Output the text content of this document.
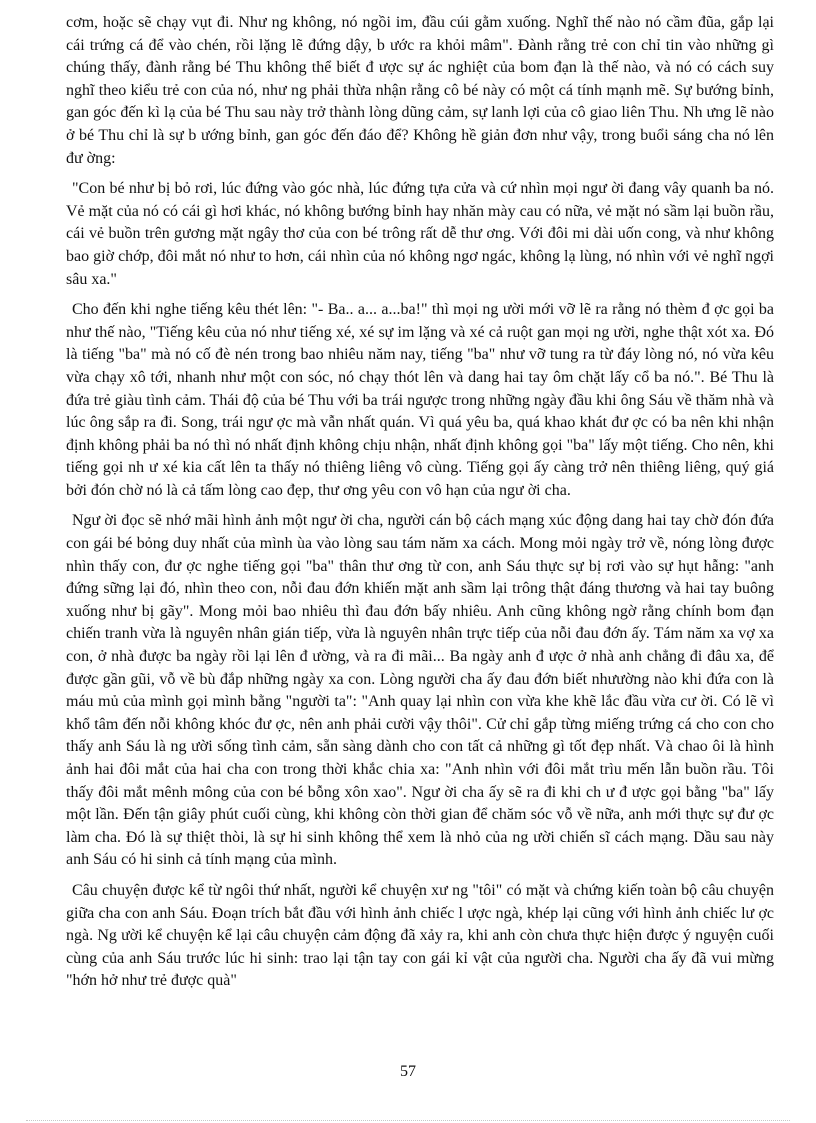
cơm, hoặc sẽ chạy vụt đi. Như ng không, nó ngồi im, đầu cúi gằm xuống. Nghĩ thế nào nó cầm đũa, gắp lại cái trứng cá để vào chén, rồi lặng lẽ đứng dậy, b ước ra khỏi mâm". Đành rằng trẻ con chỉ tin vào những gì chúng thấy, đành rằng bé Thu không thể biết đ ược sự ác nghiệt của bom đạn là thế nào, và nó có cách suy nghĩ theo kiểu trẻ con của nó, như ng phải thừa nhận rằng cô bé này có một cá tính mạnh mẽ. Sự bướng bỉnh, gan góc đến kì lạ của bé Thu sau này trở thành lòng dũng cảm, sự lanh lợi của cô giao liên Thu. Nh ưng lẽ nào ở bé Thu chỉ là sự b ướng bỉnh, gan góc đến đáo để? Không hề giản đơn như vậy, trong buổi sáng cha nó lên đư ờng:

"Con bé như bị bỏ rơi, lúc đứng vào góc nhà, lúc đứng tựa cửa và cứ nhìn mọi ngư ời đang vây quanh ba nó. Vẻ mặt của nó có cái gì hơi khác, nó không bướng bỉnh hay nhăn mày cau có nữa, vẻ mặt nó sầm lại buồn rầu, cái vẻ buồn trên gương mặt ngây thơ của con bé trông rất dễ thư ơng. Với đôi mi dài uốn cong, và như không bao giờ chớp, đôi mắt nó như to hơn, cái nhìn của nó không ngơ ngác, không lạ lùng, nó nhìn với vẻ nghĩ ngợi sâu xa."

Cho đến khi nghe tiếng kêu thét lên: "- Ba.. a... a...ba!" thì mọi ng ười mới vỡ lẽ ra rằng nó thèm đ ợc gọi ba như thế nào, "Tiếng kêu của nó như tiếng xé, xé sự im lặng và xé cả ruột gan mọi ng ười, nghe thật xót xa. Đó là tiếng "ba" mà nó cố đè nén trong bao nhiêu năm nay, tiếng "ba" như vỡ tung ra từ đáy lòng nó, nó vừa kêu vừa chạy xô tới, nhanh như một con sóc, nó chạy thót lên và dang hai tay ôm chặt lấy cổ ba nó.". Bé Thu là đứa trẻ giàu tình cảm. Thái độ của bé Thu với ba trái ngược trong những ngày đầu khi ông Sáu về thăm nhà và lúc ông sắp ra đi. Song, trái ngư ợc mà vẫn nhất quán. Vì quá yêu ba, quá khao khát đư ợc có ba nên khi nhận định không phải ba nó thì nó nhất định không chịu nhận, nhất định không gọi "ba" lấy một tiếng. Cho nên, khi tiếng gọi nh ư xé kia cất lên ta thấy nó thiêng liêng vô cùng. Tiếng gọi ấy càng trở nên thiêng liêng, quý giá bởi đón chờ nó là cả tấm lòng cao đẹp, thư ơng yêu con vô hạn của ngư ời cha.

Ngư ời đọc sẽ nhớ mãi hình ảnh một ngư ời cha, người cán bộ cách mạng xúc động dang hai tay chờ đón đứa con gái bé bỏng duy nhất của mình ùa vào lòng sau tám năm xa cách. Mong mỏi ngày trở về, nóng lòng được nhìn thấy con, đư ợc nghe tiếng gọi "ba" thân thư ơng từ con, anh Sáu thực sự bị rơi vào sự hụt hẫng: "anh đứng sững lại đó, nhìn theo con, nỗi đau đớn khiến mặt anh sầm lại trông thật đáng thương và hai tay buông xuống như bị gãy". Mong mỏi bao nhiêu thì đau đớn bấy nhiêu. Anh cũng không ngờ rằng chính bom đạn chiến tranh vừa là nguyên nhân gián tiếp, vừa là nguyên nhân trực tiếp của nỗi đau đớn ấy. Tám năm xa vợ xa con, ở nhà được ba ngày rồi lại lên đ ường, và ra đi mãi... Ba ngày anh đ ược ở nhà anh chẳng đi đâu xa, để được gần gũi, vỗ về bù đắp những ngày xa con. Lòng người cha ấy đau đớn biết nhưường nào khi đứa con là máu mủ của mình gọi mình bằng "người ta": "Anh quay lại nhìn con vừa khe khẽ lắc đầu vừa cư ời. Có lẽ vì khổ tâm đến nỗi không khóc đư ợc, nên anh phải cười vậy thôi". Cử chỉ gắp từng miếng trứng cá cho con cho thấy anh Sáu là ng ười sống tình cảm, sẵn sàng dành cho con tất cả những gì tốt đẹp nhất. Và chao ôi là hình ảnh hai đôi mắt của hai cha con trong thời khắc chia xa: "Anh nhìn với đôi mắt trìu mến lẫn buồn rầu. Tôi thấy đôi mắt mênh mông của con bé bỗng xôn xao". Ngư ời cha ấy sẽ ra đi khi ch ư đ ược gọi bằng "ba" lấy một lần. Đến tận giây phút cuối cùng, khi không còn thời gian để chăm sóc vỗ về nữa, anh mới thực sự đư ợc làm cha. Đó là sự thiệt thòi, là sự hi sinh không thể xem là nhỏ của ng ười chiến sĩ cách mạng. Dầu sau này anh Sáu có hi sinh cả tính mạng của mình.

Câu chuyện được kể từ ngôi thứ nhất, người kể chuyện xư ng "tôi" có mặt và chứng kiến toàn bộ câu chuyện giữa cha con anh Sáu. Đoạn trích bắt đầu với hình ảnh chiếc l ược ngà, khép lại cũng với hình ảnh chiếc lư ợc ngà. Ng ười kể chuyện kể lại câu chuyện cảm động đã xảy ra, khi anh còn chưa thực hiện được ý nguyện cuối cùng của anh Sáu trước lúc hi sinh: trao lại tận tay con gái kỉ vật của người cha. Người cha ấy đã vui mừng "hớn hở như trẻ được quà"

57
